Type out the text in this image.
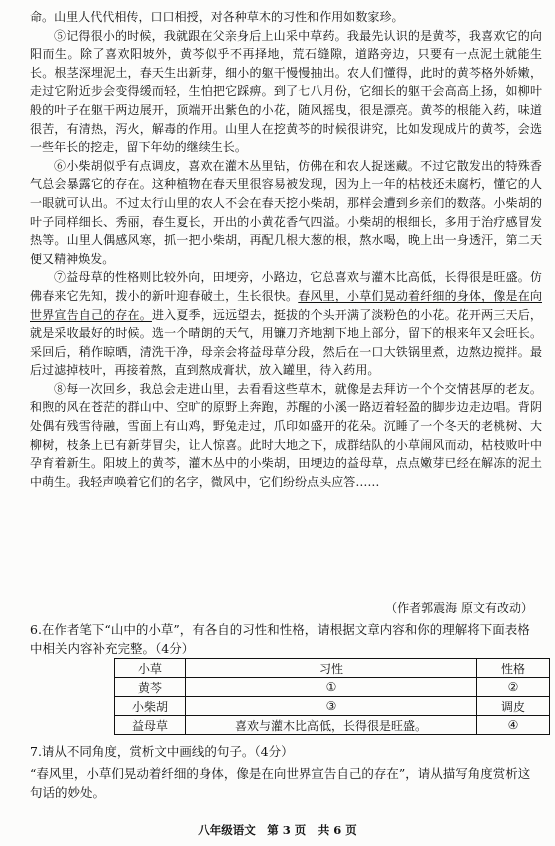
命。山里人代代相传，口口相授，对各种草木的习性和作用如数家珍。

⑤记得很小的时候，我就跟在父亲身后上山采中草药。我最先认识的是黄芩，我喜欢它的向阳而生。除了喜欢阳坡外，黄芩似乎不再择地，荒石缝隙，道路旁边，只要有一点泥土就能生长。根茎深埋泥土，春天生出新芽，细小的躯干慢慢抽出。农人们懂得，此时的黄芩格外娇嫩，走过它附近步会变得缓而轻，生怕把它踩痹。到了七八月份，它细长的躯干会高高上扬，如柳叶般的叶子在躯干两边展开，顶端开出紫色的小花，随风摇曳，很是漂亮。黄芩的根能入药，味道很苦，有清热，泻火，解毒的作用。山里人在挖黄芩的时候很讲究，比如发现成片的黄芩，会选一些年长的挖走，留下年幼的继续生长。

⑥小柴胡似乎有点调皮，喜欢在灌木丛里钻，仿佛在和农人捉迷藏。不过它散发出的特殊香气总会暴露它的存在。这种植物在春天里很容易被发现，因为上一年的枯枝还未腐朽，懂它的人一眼就可认出。不过太行山里的农人不会在春天挖小柴胡，那样会遭到乡亲们的数落。小柴胡的叶子同样细长、秀丽，春生夏长，开出的小黄花香气四溢。小柴胡的根细长，多用于治疗感冒发热等。山里人偶感风寒，抓一把小柴胡，再配几根大葱的根，熬水喝，晚上出一身透汗，第二天便又精神焕发。

⑦益母草的性格则比较外向，田埂旁，小路边，它总喜欢与灌木比高低，长得很是旺盛。仿佛春来它先知，拨小的新叶迎春破土，生长很快。春风里，小草们晃动着纤细的身体，像是在向世界宣告自己的存在。进入夏季，远远望去，挺拔的个头开满了淡粉色的小花。花开两三天后，就是采收最好的时候。选一个晴朗的天气，用镰刀齐地割下地上部分，留下的根来年又会旺长。采回后，稍作晾晒，清洗干净，母亲会将益母草分段，然后在一口大铁锅里煮，边熬边搅拌。最后过滤掉枝叶，再接着熬，直到熬成膏状，放入罐里，待入药用。

⑧每一次回乡，我总会走进山里，去看看这些草木，就像是去拜访一个个交情甚厚的老友。和煦的风在苍茫的群山中、空旷的原野上奔跑，苏醒的小溪一路迈着轻盈的脚步边走边唱。背阴处偶有残雪待融，雪面上有山鸡，野兔走过，爪印如盛开的花朵。沉睡了一个冬天的老桃树、大柳树，枝条上已有新芽冒尖，让人惊喜。此时大地之下，成群结队的小草闹风而动，枯枝败叶中孕育着新生。阳坡上的黄芩，灌木丛中的小柴胡，田埂边的益母草，点点嫩芽已经在解冻的泥土中萌生。我轻声唤着它们的名字，微风中，它们纷纷点头应答……

（作者郭震海 原文有改动）
6.在作者笔下“山中的小草”，有各自的习性和性格，请根据文章内容和你的理解将下面表格中相关内容补充完整。（4分）
小草	习性	性格
黄芩	①	②
小柴胡	③	调皮
益母草	喜欢与灌木比高低，长得很是旺盛。	④
7.请从不同角度，赏析文中画线的句子。（4分）
“春风里，小草们晃动着纤细的身体，像是在向世界宣告自己的存在”，请从描写角度赏析这句话的妙处。
八年级语文　第 3 页　共 6 页
